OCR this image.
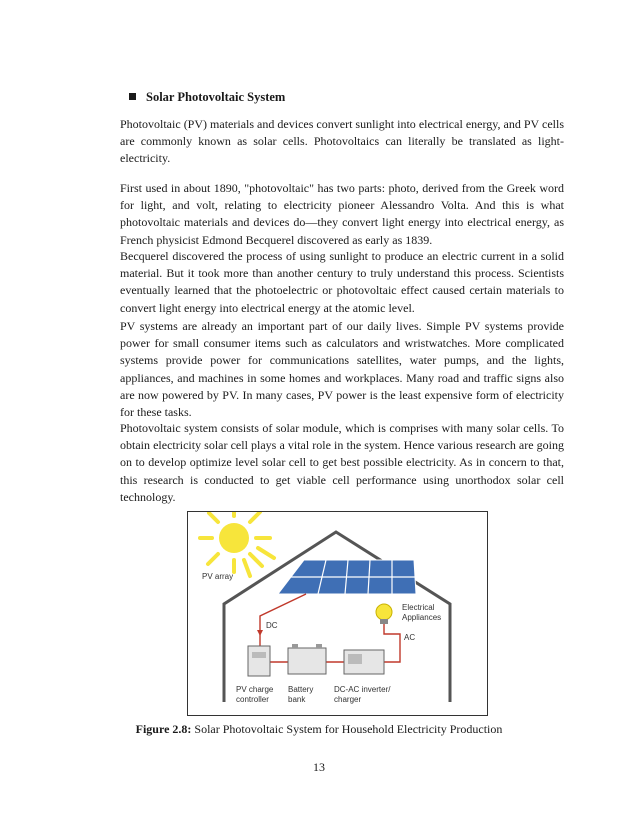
Solar Photovoltaic System

Photovoltaic (PV) materials and devices convert sunlight into electrical energy, and PV cells are commonly known as solar cells. Photovoltaics can literally be translated as light-electricity.

First used in about 1890, "photovoltaic" has two parts: photo, derived from the Greek word for light, and volt, relating to electricity pioneer Alessandro Volta. And this is what photovoltaic materials and devices do—they convert light energy into electrical energy, as French physicist Edmond Becquerel discovered as early as 1839.

Becquerel discovered the process of using sunlight to produce an electric current in a solid material. But it took more than another century to truly understand this process. Scientists eventually learned that the photoelectric or photovoltaic effect caused certain materials to convert light energy into electrical energy at the atomic level.

PV systems are already an important part of our daily lives. Simple PV systems provide power for small consumer items such as calculators and wristwatches. More complicated systems provide power for communications satellites, water pumps, and the lights, appliances, and machines in some homes and workplaces. Many road and traffic signs also are now powered by PV. In many cases, PV power is the least expensive form of electricity for these tasks.

Photovoltaic system consists of solar module, which is comprises with many solar cells. To obtain electricity solar cell plays a vital role in the system. Hence various research are going on to develop optimize level solar cell to get best possible electricity. As in concern to that, this research is conducted to get viable cell performance using unorthodox solar cell technology.

PV array
DC
AC
Electrical
Appliances
PV charge
controller
Battery
bank
DC-AC inverter/
charger
Figure 2.8: Solar Photovoltaic System for Household Electricity Production
13
